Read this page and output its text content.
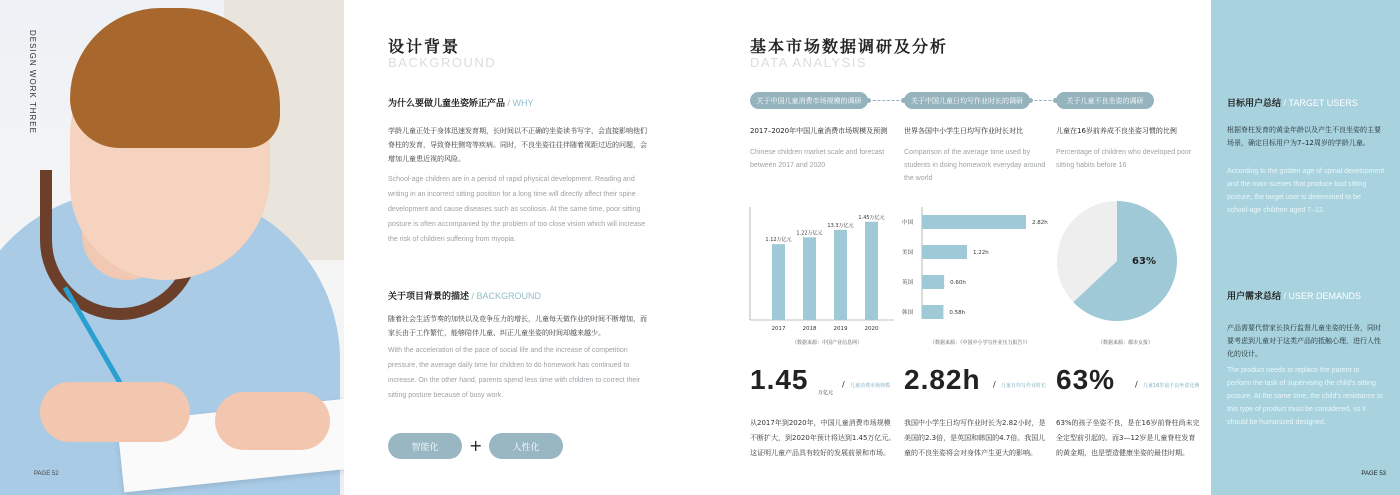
DESIGN WORK THREE
PAGE 52
设计背景
BACKGROUND
为什么要做儿童坐姿矫正产品 / WHY
学龄儿童正处于身体迅速发育期，长时间以不正确的坐姿读书写字，会直接影响他们脊柱的发育，导致脊柱侧弯等疾病。同时，不良坐姿往往伴随着视距过近的问题，会增加儿童患近视的风险。
School-age children are in a period of rapid physical development. Reading and writing in an incorrect sitting position for a long time will directly affect their spine development and cause diseases such as scoliosis. At the same time, poor sitting posture is often accompanied by the problem of too close vision which will increase the risk of children suffering from myopia.
关于项目背景的描述 / BACKGROUND
随着社会生活节奏的加快以及竞争压力的增长，儿童每天做作业的时间不断增加，而家长由于工作繁忙，能够陪伴儿童、纠正儿童坐姿的时间却越来越少。
With the acceleration of the pace of social life and the increase of competition pressure, the average daily time for children to do homework has continued to increase. On the other hand, parents spend less time with children to correct their sitting posture because of busy work.
智能化	+	人性化
基本市场数据调研及分析
DATA ANALYSIS
关于中国儿童消费市场规模的调研	关于中国儿童日均写作业时长的调研	关于儿童不良坐姿的调研
2017–2020年中国儿童消费市场规模及预测
Chinese children market scale and forecast between 2017 and 2020
世界各国中小学生日均写作业时长对比
Comparison of the average time used by students in doing homework everyday around the world
儿童在16岁前养成不良坐姿习惯的比例
Percentage of children who developed poor sitting habits before 16
1.12万亿元
2017
1.22万亿元
2018
13.3万亿元
2019
1.45万亿元
2020
（数据来源：中国产业信息网）
中国	2.82h
美国	1.22h
英国	0.60h
韩国	0.58h
（数据来源：《中国中小学写作业压力报告》）
63%
（数据来源：都市女报）
1.45 万亿元
/ 儿童消费市场规模 2.82h / 儿童日均写作业时长 63% / 儿童16岁前不良坐姿比例
从2017年到2020年，中国儿童消费市场规模不断扩大，到2020年预计将达到1.45万亿元。这证明儿童产品具有较好的发展前景和市场。
我国中小学生日均写作业时长为2.82小时，是美国的2.3倍，是英国和韩国的4.7倍。我国儿童的不良坐姿将会对身体产生更大的影响。
63%的孩子坐姿不良，是在16岁前脊柱尚未完全定型前引起的。而3—12岁是儿童脊柱发育的黄金期，也是塑造健康坐姿的最佳时期。
目标用户总结 / TARGET USERS
根据脊柱发育的黄金年龄以及产生不良坐姿的主要场景，确定目标用户为7–12周岁的学龄儿童。
According to the golden age of spinal development and the main scenes that produce bad sitting posture, the target user is determined to be school-age children aged 7–12.
用户需求总结 / USER DEMANDS
产品需要代替家长执行监督儿童坐姿的任务，同时要考虑到儿童对于这类产品的抵触心理，进行人性化的设计。
The product needs to replace the parent to perform the task of supervising the child's sitting posture. At the same time, the child's resistance to this type of product must be considered, so it should be humanized designed.
PAGE 53
